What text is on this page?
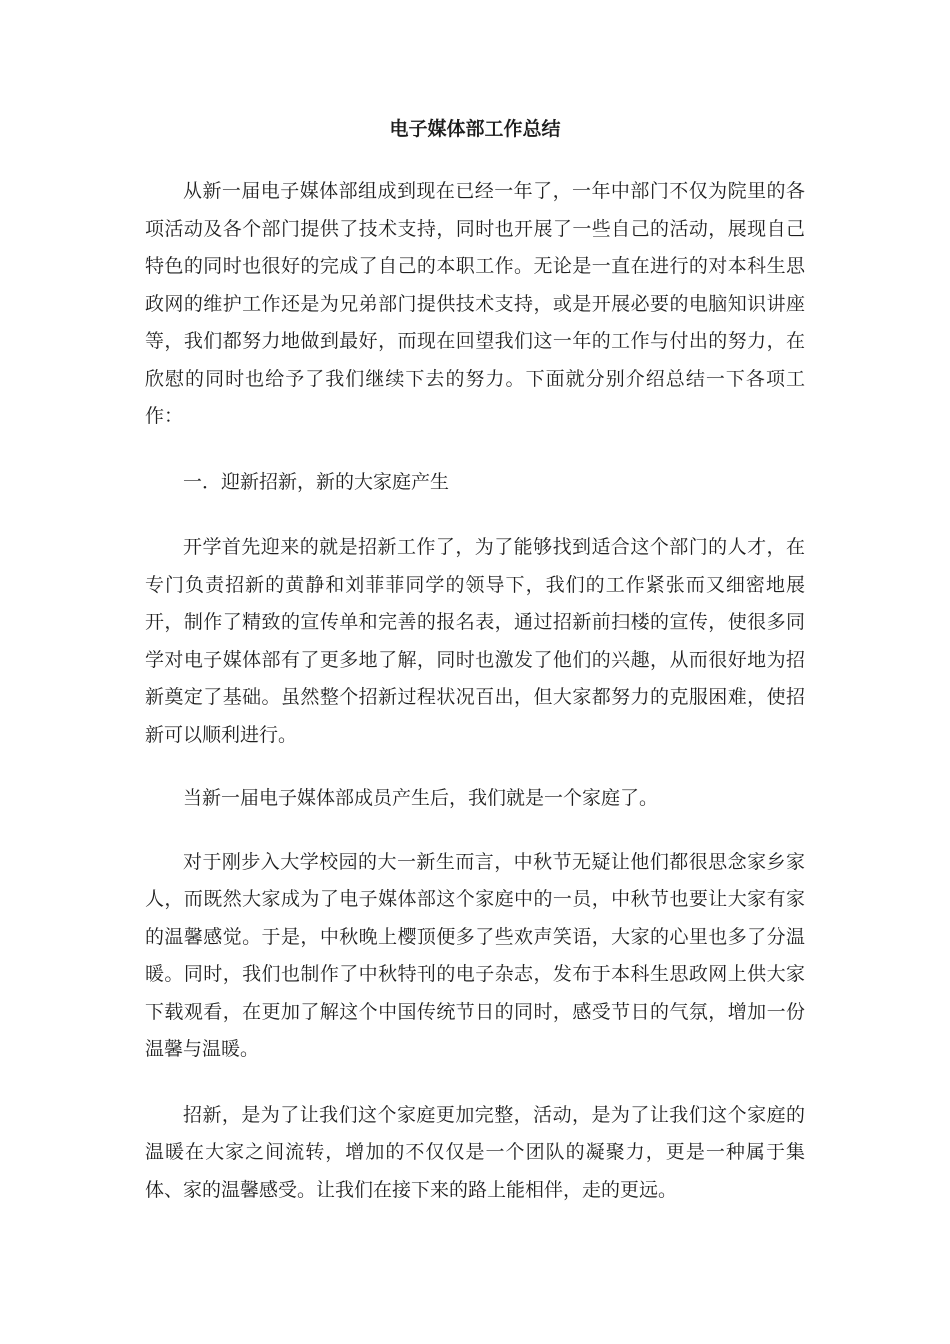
电子媒体部工作总结

从新一届电子媒体部组成到现在已经一年了，一年中部门不仅为院里的各项活动及各个部门提供了技术支持，同时也开展了一些自己的活动，展现自己特色的同时也很好的完成了自己的本职工作。无论是一直在进行的对本科生思政网的维护工作还是为兄弟部门提供技术支持，或是开展必要的电脑知识讲座等，我们都努力地做到最好，而现在回望我们这一年的工作与付出的努力，在欣慰的同时也给予了我们继续下去的努力。下面就分别介绍总结一下各项工作：

一．迎新招新，新的大家庭产生

开学首先迎来的就是招新工作了，为了能够找到适合这个部门的人才，在专门负责招新的黄静和刘菲菲同学的领导下，我们的工作紧张而又细密地展开，制作了精致的宣传单和完善的报名表，通过招新前扫楼的宣传，使很多同学对电子媒体部有了更多地了解，同时也激发了他们的兴趣，从而很好地为招新奠定了基础。虽然整个招新过程状况百出，但大家都努力的克服困难，使招新可以顺利进行。

当新一届电子媒体部成员产生后，我们就是一个家庭了。

对于刚步入大学校园的大一新生而言，中秋节无疑让他们都很思念家乡家人，而既然大家成为了电子媒体部这个家庭中的一员，中秋节也要让大家有家的温馨感觉。于是，中秋晚上樱顶便多了些欢声笑语，大家的心里也多了分温暖。同时，我们也制作了中秋特刊的电子杂志，发布于本科生思政网上供大家下载观看，在更加了解这个中国传统节日的同时，感受节日的气氛，增加一份温馨与温暖。

招新，是为了让我们这个家庭更加完整，活动，是为了让我们这个家庭的温暖在大家之间流转，增加的不仅仅是一个团队的凝聚力，更是一种属于集体、家的温馨感受。让我们在接下来的路上能相伴，走的更远。
